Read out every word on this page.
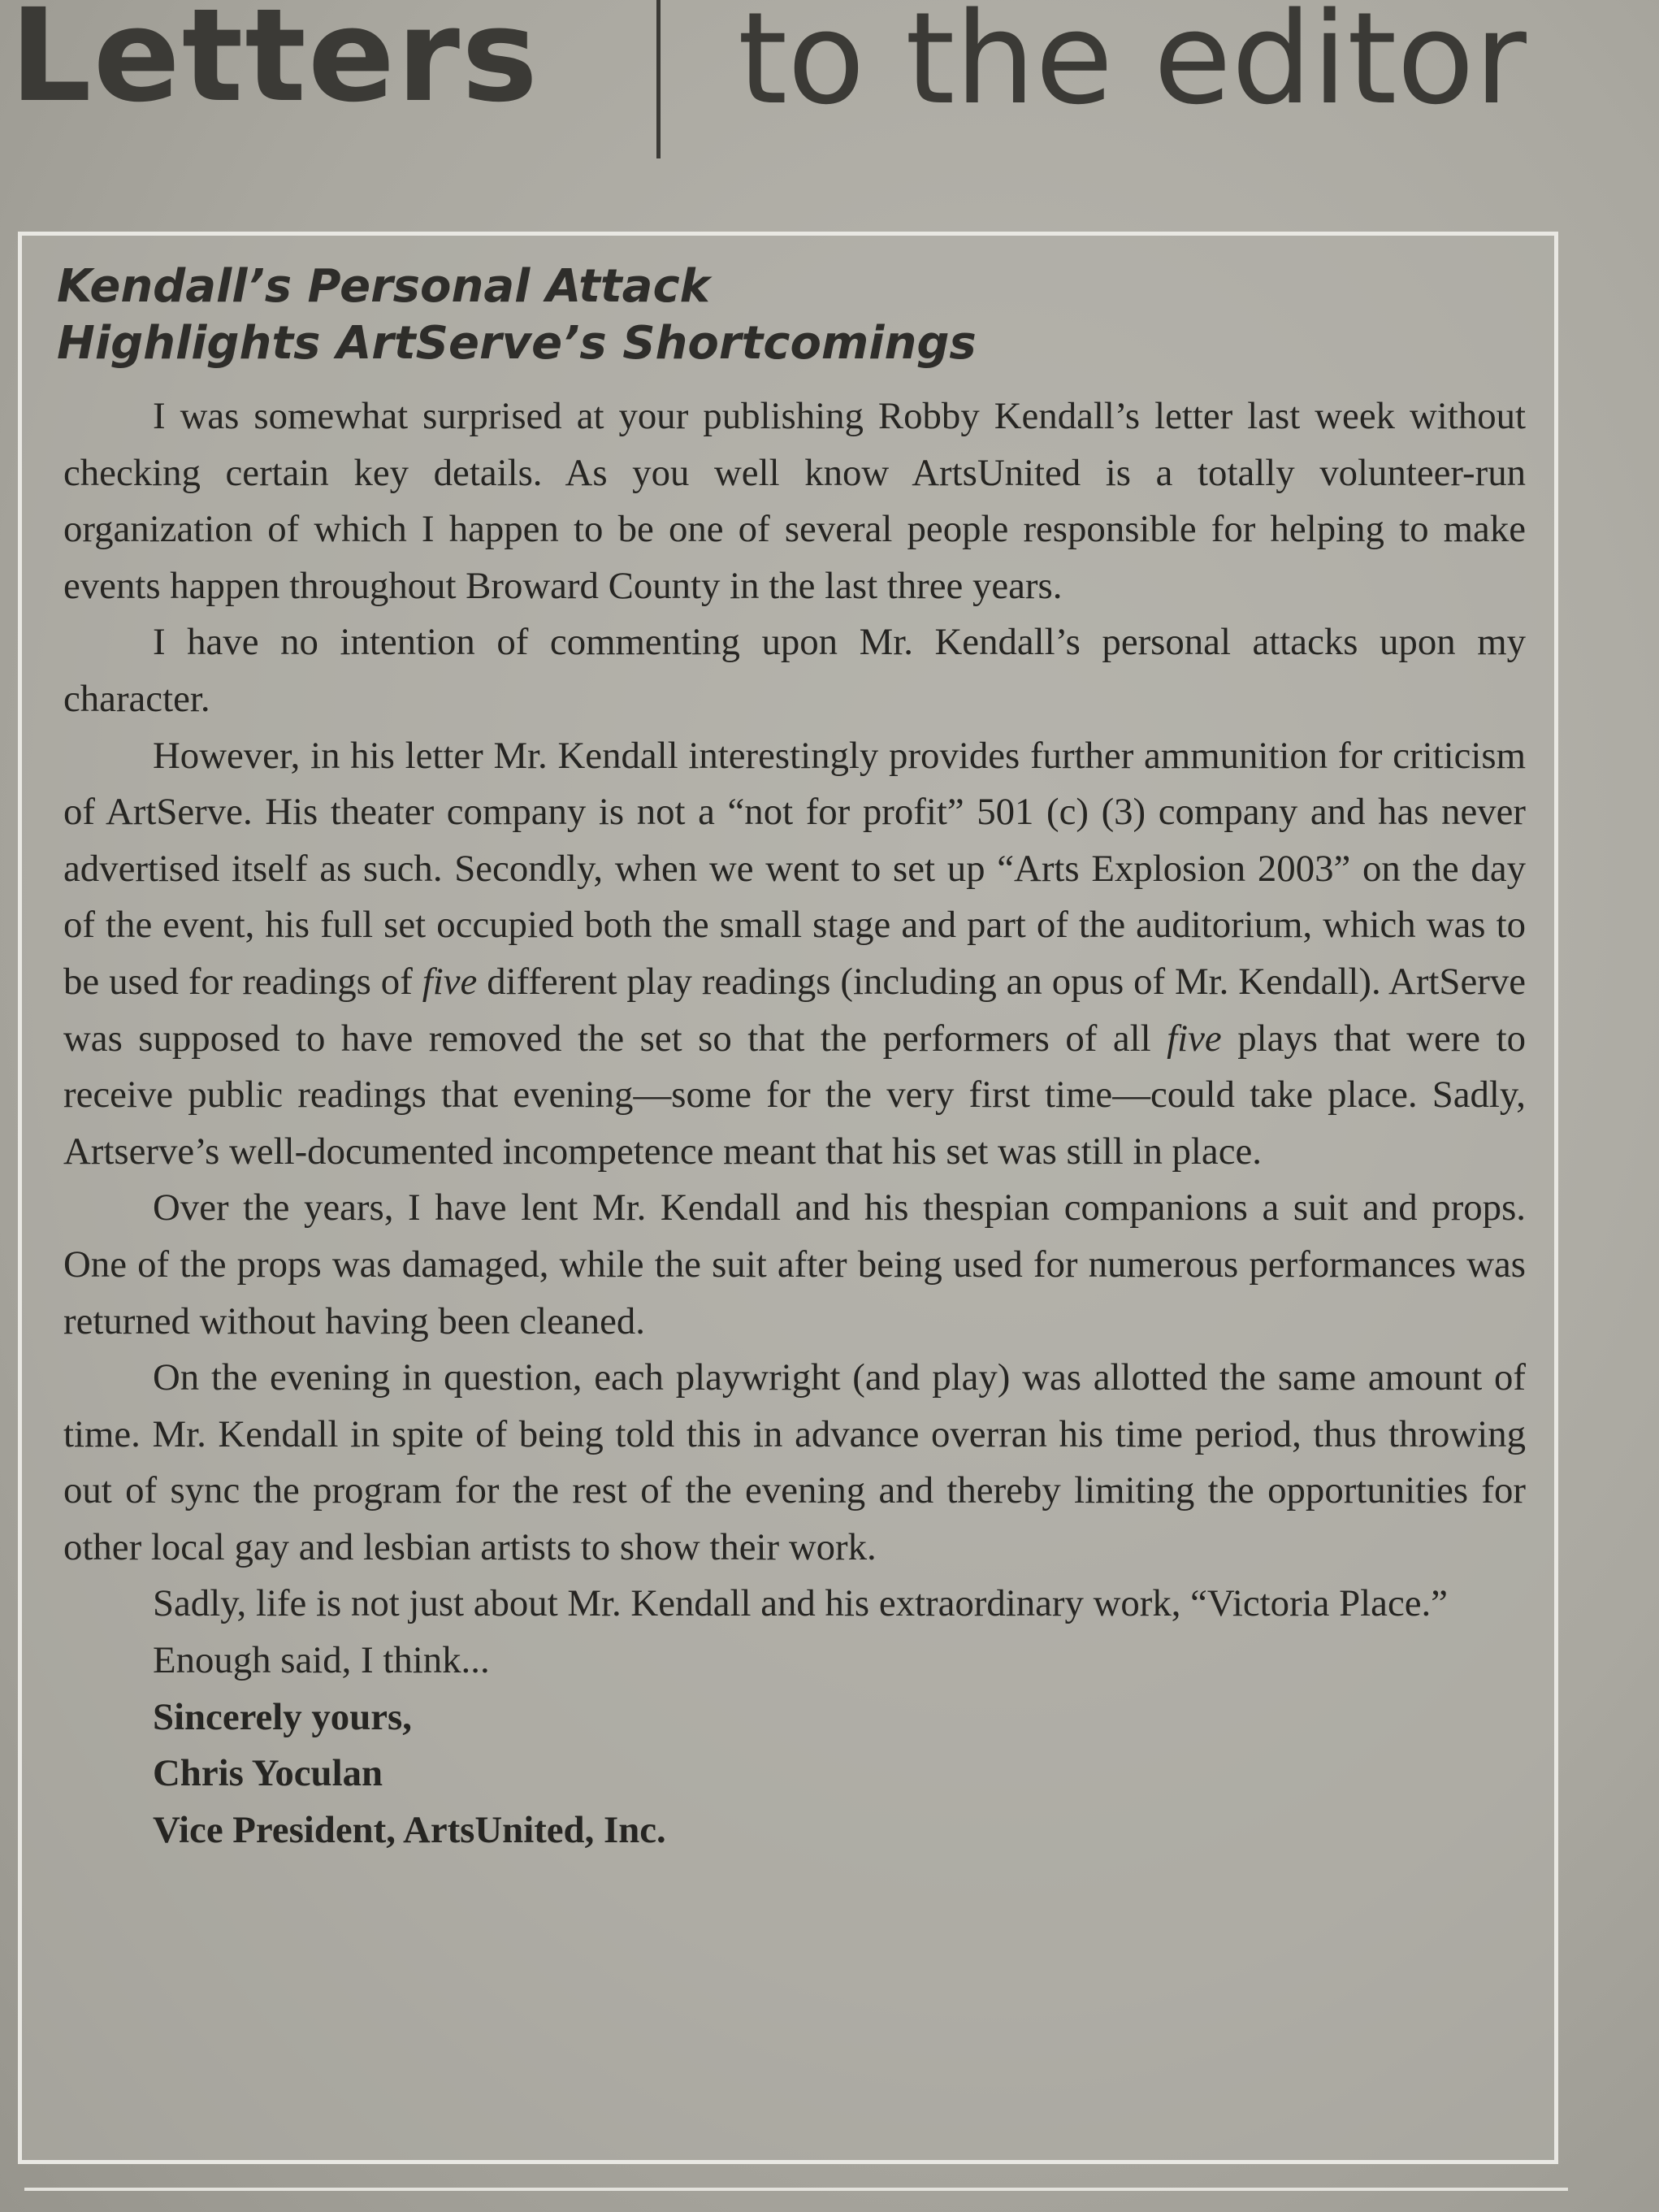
Letters to the editor
Kendall’s Personal Attack
Highlights ArtServe’s Shortcomings

I was somewhat surprised at your publishing Robby Kendall’s letter last week without checking certain key details. As you well know ArtsUnited is a totally volunteer-run organization of which I happen to be one of several people responsible for helping to make events happen throughout Broward County in the last three years.

I have no intention of commenting upon Mr. Kendall’s personal attacks upon my character.

However, in his letter Mr. Kendall interestingly provides further ammunition for criticism of ArtServe. His theater company is not a “not for profit” 501 (c) (3) company and has never advertised itself as such. Secondly, when we went to set up “Arts Explosion 2003” on the day of the event, his full set occupied both the small stage and part of the auditorium, which was to be used for readings of five different play readings (including an opus of Mr. Kendall). ArtServe was supposed to have removed the set so that the performers of all five plays that were to receive public readings that evening—some for the very first time—could take place. Sadly, Artserve’s well-documented incompetence meant that his set was still in place.

Over the years, I have lent Mr. Kendall and his thespian companions a suit and props. One of the props was damaged, while the suit after being used for numerous performances was returned without having been cleaned.

On the evening in question, each playwright (and play) was allotted the same amount of time. Mr. Kendall in spite of being told this in advance overran his time period, thus throwing out of sync the program for the rest of the evening and thereby limiting the opportunities for other local gay and lesbian artists to show their work.

Sadly, life is not just about Mr. Kendall and his extraordinary work, “Victoria Place.”

Enough said, I think...

Sincerely yours,

Chris Yoculan

Vice President, ArtsUnited, Inc.
